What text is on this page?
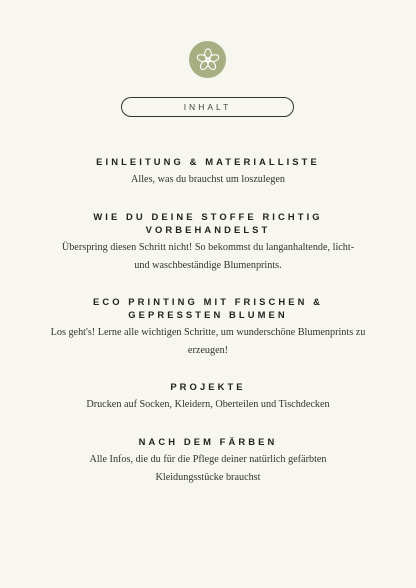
INHALT
EINLEITUNG & MATERIALLISTE
Alles, was du brauchst um loszulegen
WIE DU DEINE STOFFE RICHTIG
VORBEHANDELST
Überspring diesen Schritt nicht! So bekommst du langanhaltende, licht-
und waschbeständige Blumenprints.
ECO PRINTING MIT FRISCHEN &
GEPRESSTEN BLUMEN
Los geht's! Lerne alle wichtigen Schritte, um wunderschöne Blumenprints zu
erzeugen!
PROJEKTE
Drucken auf Socken, Kleidern, Oberteilen und Tischdecken
NACH DEM FÄRBEN
Alle Infos, die du für die Pflege deiner natürlich gefärbten
Kleidungsstücke brauchst
